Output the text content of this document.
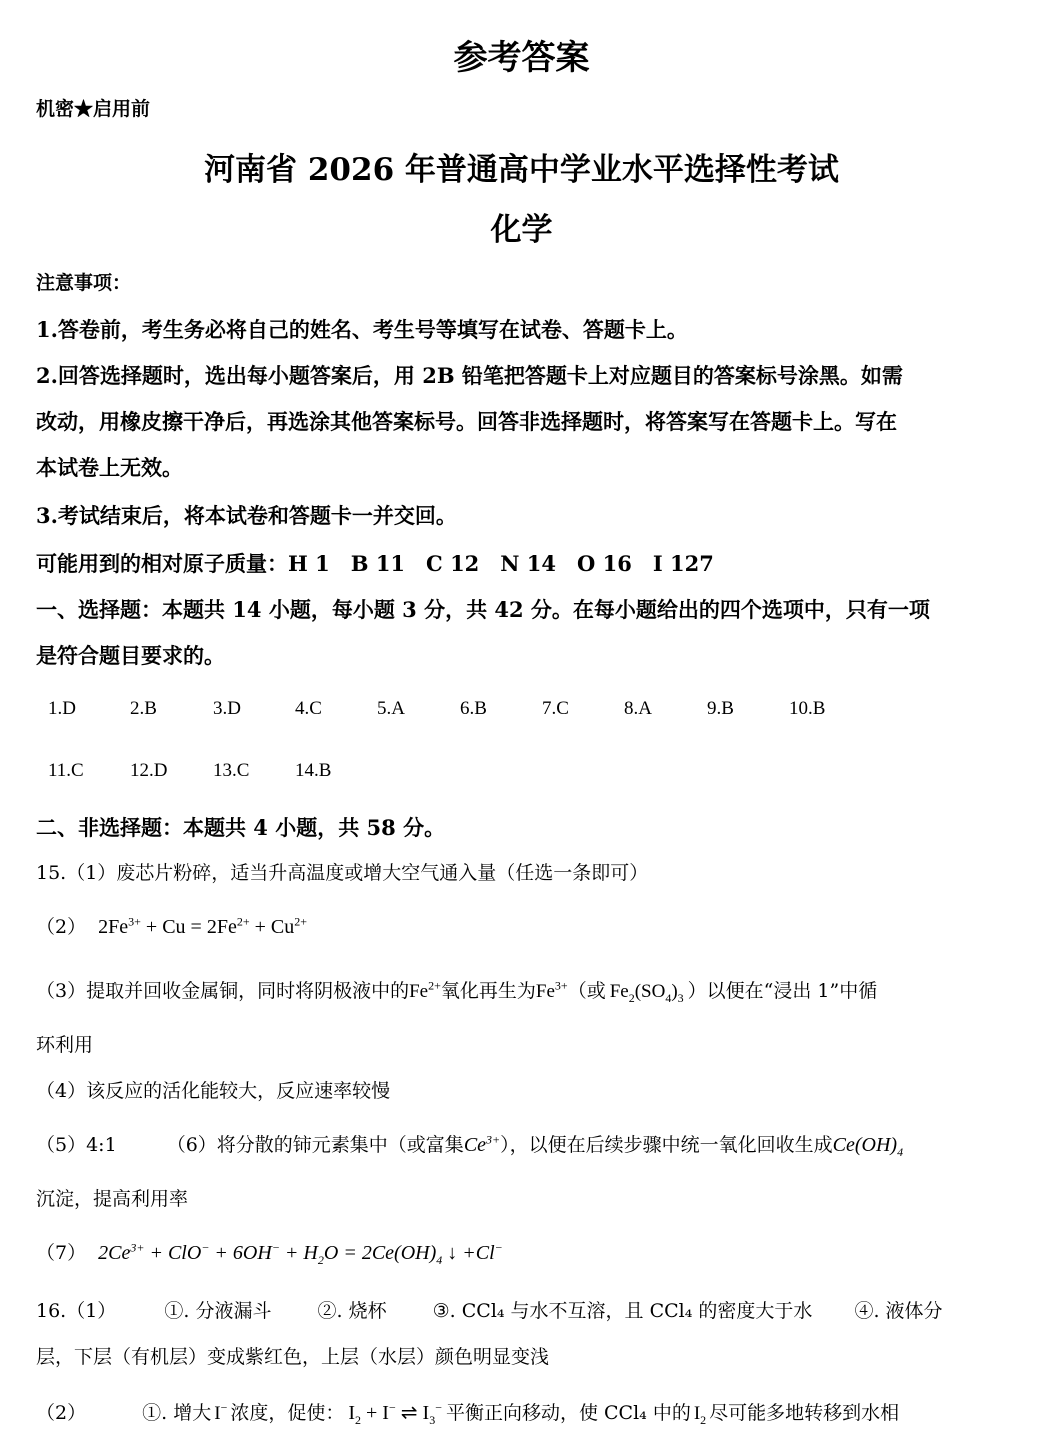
参考答案
机密★启用前
河南省 2026 年普通高中学业水平选择性考试
化学
注意事项：
1.答卷前，考生务必将自己的姓名、考生号等填写在试卷、答题卡上。
2.回答选择题时，选出每小题答案后，用 2B 铅笔把答题卡上对应题目的答案标号涂黑。如需
改动，用橡皮擦干净后，再选涂其他答案标号。回答非选择题时，将答案写在答题卡上。写在
本试卷上无效。
3.考试结束后，将本试卷和答题卡一并交回。
可能用到的相对原子质量：H 1　B 11　C 12　N 14　O 16　I 127
一、选择题：本题共 14 小题，每小题 3 分，共 42 分。在每小题给出的四个选项中，只有一项
是符合题目要求的。
1.D	2.B	3.D	4.C	5.A	6.B	7.C	8.A	9.B	10.B
11.C 12.D 13.C 14.B
二、非选择题：本题共 4 小题，共 58 分。
15.（1）废芯片粉碎，适当升高温度或增大空气通入量（任选一条即可）
（2） $2Fe^{3+} + Cu = 2Fe^{2+} + Cu^{2+}$
（3）提取并回收金属铜，同时将阴极液中的$Fe^{2+}$氧化再生为$Fe^{3+}$（或 $Fe_2(SO_4)_3$ ）以便在“浸出 1”中循
环利用
（4）该反应的活化能较大，反应速率较慢
（5）4:1	（6）将分散的铈元素集中（或富集$Ce^{3+}$），以便在后续步骤中统一氧化回收生成$Ce(OH)_4$
沉淀，提高利用率
（7） $2Ce^{3+} + ClO^- + 6OH^- + H_2O = 2Ce(OH)_4$ ↓ +Cl−
16.（1）	①. 分液漏斗 ②. 烧杯 ③. CCl₄ 与水不互溶，且 CCl₄ 的密度大于水 ④. 液体分
层，下层（有机层）变成紫红色，上层（水层）颜色明显变浅
（2）	①. 增大 I− 浓度，促使： $I_2 + I^-$ ⇌ $I_3^-$ 平衡正向移动，使 CCl₄ 中的 $I_2$ 尽可能多地转移到水相
